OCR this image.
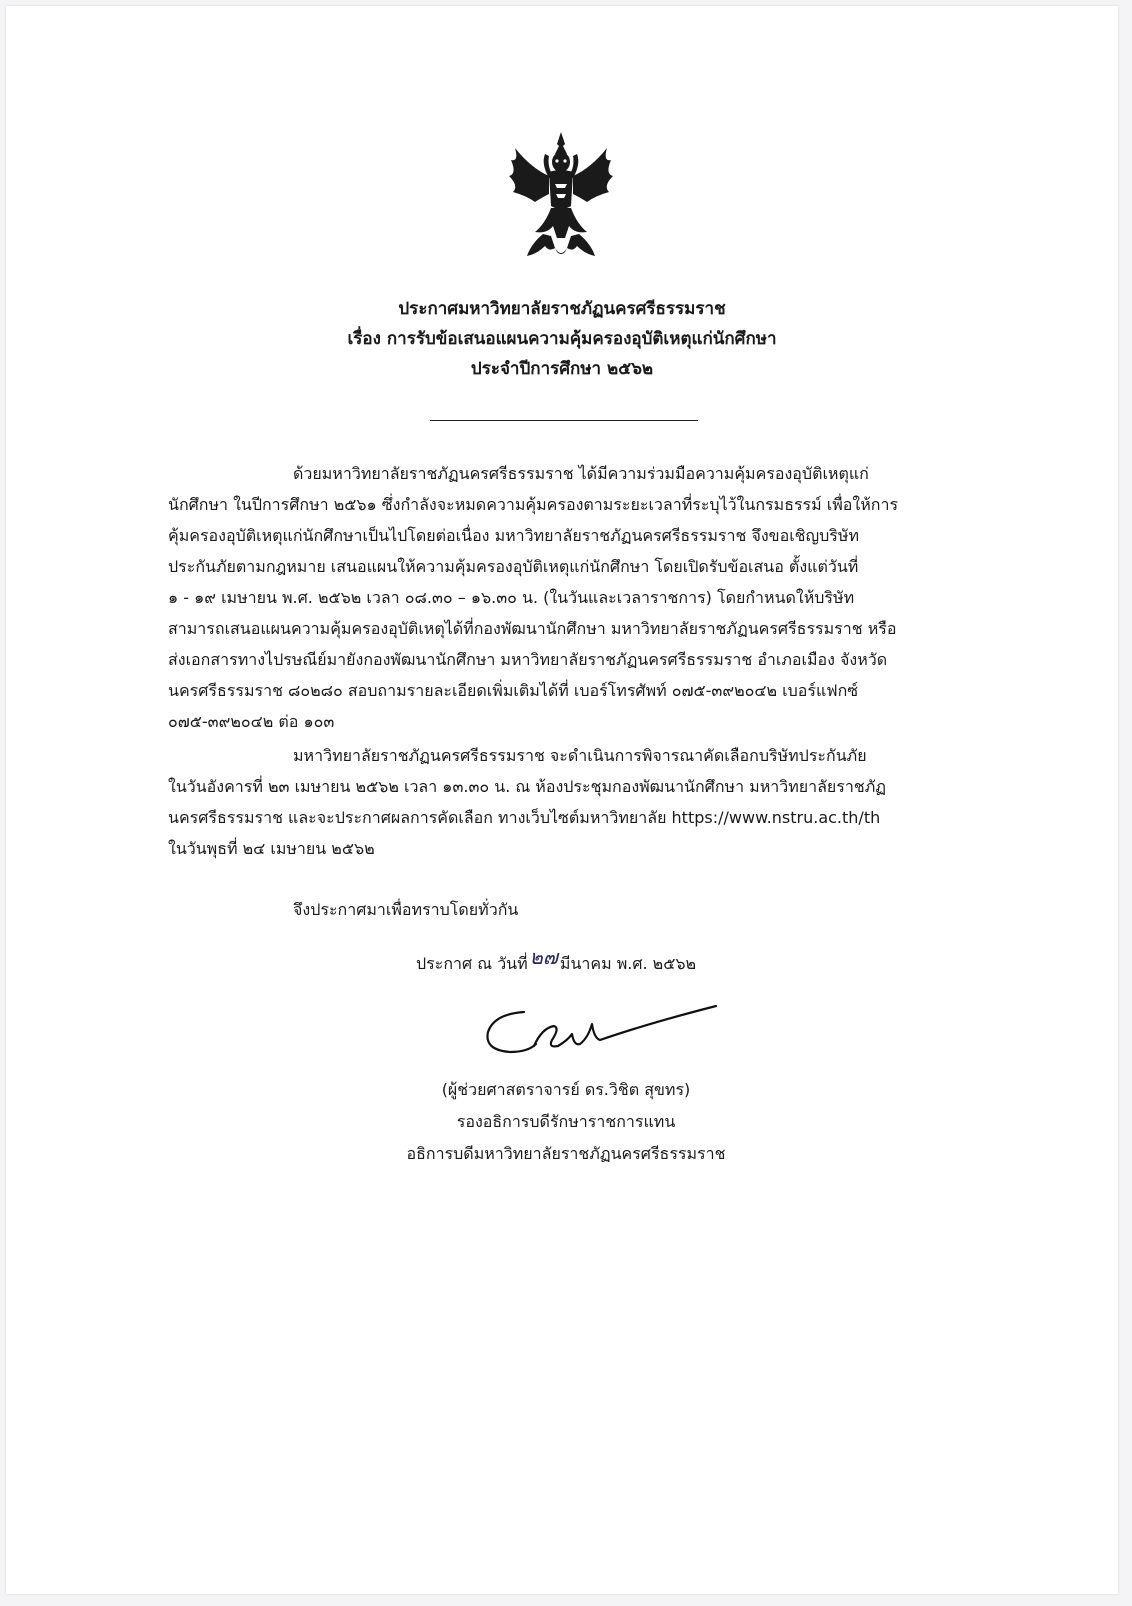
ประกาศมหาวิทยาลัยราชภัฏนครศรีธรรมราช
เรื่อง การรับข้อเสนอแผนความคุ้มครองอุบัติเหตุแก่นักศึกษา
ประจำปีการศึกษา ๒๕๖๒

ด้วยมหาวิทยาลัยราชภัฏนครศรีธรรมราช ได้มีความร่วมมือความคุ้มครองอุบัติเหตุแก่
นักศึกษา ในปีการศึกษา ๒๕๖๑ ซึ่งกำลังจะหมดความคุ้มครองตามระยะเวลาที่ระบุไว้ในกรมธรรม์ เพื่อให้การ
คุ้มครองอุบัติเหตุแก่นักศึกษาเป็นไปโดยต่อเนื่อง มหาวิทยาลัยราชภัฏนครศรีธรรมราช จึงขอเชิญบริษัท
ประกันภัยตามกฎหมาย เสนอแผนให้ความคุ้มครองอุบัติเหตุแก่นักศึกษา โดยเปิดรับข้อเสนอ ตั้งแต่วันที่
๑ - ๑๙ เมษายน พ.ศ. ๒๕๖๒ เวลา ๐๘.๓๐ – ๑๖.๓๐ น. (ในวันและเวลาราชการ) โดยกำหนดให้บริษัท
สามารถเสนอแผนความคุ้มครองอุบัติเหตุได้ที่กองพัฒนานักศึกษา มหาวิทยาลัยราชภัฏนครศรีธรรมราช หรือ
ส่งเอกสารทางไปรษณีย์มายังกองพัฒนานักศึกษา มหาวิทยาลัยราชภัฏนครศรีธรรมราช อำเภอเมือง จังหวัด
นครศรีธรรมราช ๘๐๒๘๐ สอบถามรายละเอียดเพิ่มเติมได้ที่ เบอร์โทรศัพท์ ๐๗๕-๓๙๒๐๔๒ เบอร์แฟกซ์
๐๗๕-๓๙๒๐๔๒ ต่อ ๑๐๓

มหาวิทยาลัยราชภัฏนครศรีธรรมราช จะดำเนินการพิจารณาคัดเลือกบริษัทประกันภัย
ในวันอังคารที่ ๒๓ เมษายน ๒๕๖๒ เวลา ๑๓.๓๐ น. ณ ห้องประชุมกองพัฒนานักศึกษา มหาวิทยาลัยราชภัฏ
นครศรีธรรมราช และจะประกาศผลการคัดเลือก ทางเว็บไซต์มหาวิทยาลัย https://www.nstru.ac.th/th
ในวันพุธที่ ๒๔ เมษายน ๒๕๖๒

จึงประกาศมาเพื่อทราบโดยทั่วกัน
ประกาศ ณ วันที่ ๒๗ มีนาคม พ.ศ. ๒๕๖๒
(ผู้ช่วยศาสตราจารย์ ดร.วิชิต สุขทร)
รองอธิการบดีรักษาราชการแทน
อธิการบดีมหาวิทยาลัยราชภัฏนครศรีธรรมราช
